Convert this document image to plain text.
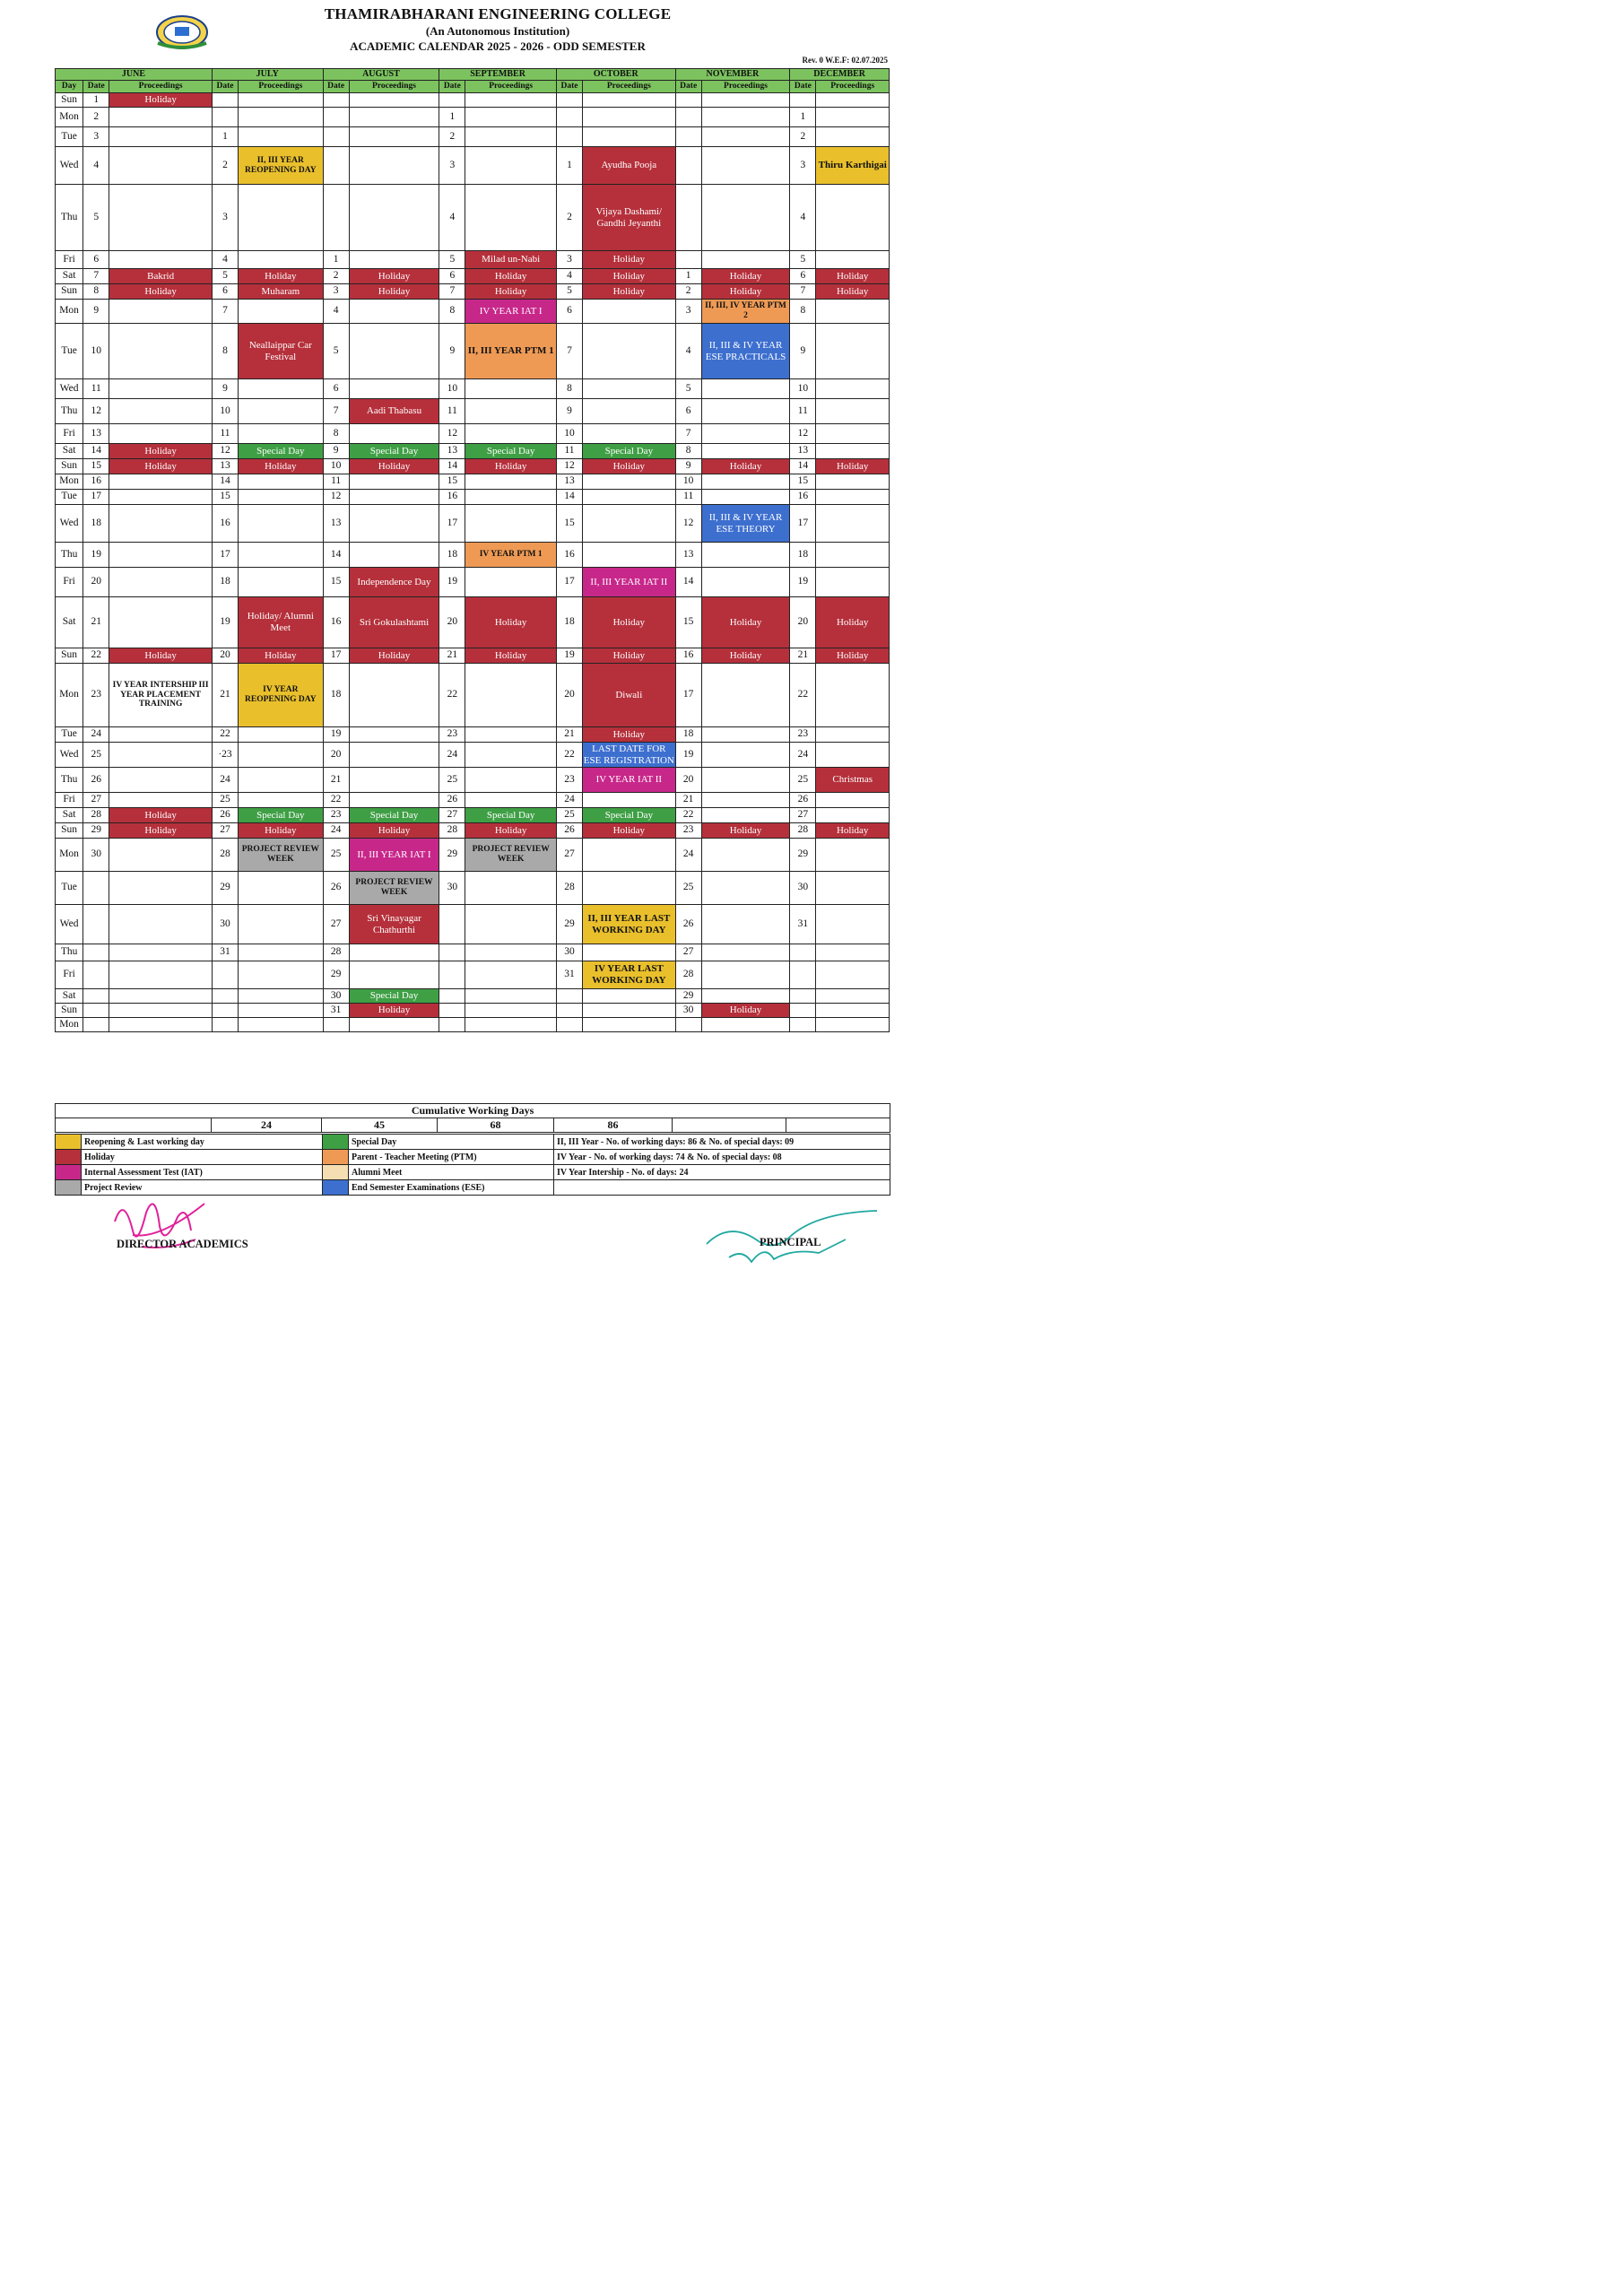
THAMIRABHARANI ENGINEERING COLLEGE
(An Autonomous Institution)
ACADEMIC CALENDAR 2025 - 2026 - ODD SEMESTER
Rev. 0 W.E.F: 02.07.2025
JUNE			JULY		AUGUST		SEPTEMBER		OCTOBER		NOVEMBER		DECEMBER	
Day	Date	Proceedings	Date	Proceedings	Date	Proceedings	Date	Proceedings	Date	Proceedings	Date	Proceedings	Date	Proceedings
Sun	1	Holiday												
Mon	2						1						1	
Tue	3		1				2						2	
Wed	4		2	II, III YEAR REOPENING DAY			3		1	Ayudha Pooja			3	Thiru Karthigai
Thu	5		3				4		2	Vijaya Dashami/ Gandhi Jeyanthi			4	
Fri	6		4		1		5	Milad un-Nabi	3	Holiday			5	
Sat	7	Bakrid	5	Holiday	2	Holiday	6	Holiday	4	Holiday	1	Holiday	6	Holiday
Sun	8	Holiday	6	Muharam	3	Holiday	7	Holiday	5	Holiday	2	Holiday	7	Holiday
Mon	9		7		4		8	IV YEAR IAT I	6		3	II, III, IV YEAR PTM 2	8	
Tue	10		8	Neallaippar Car Festival	5		9	II, III YEAR PTM 1	7		4	II, III & IV YEAR ESE PRACTICALS	9	
Wed	11		9		6		10		8		5		10	
Thu	12		10		7	Aadi Thabasu	11		9		6		11	
Fri	13		11		8		12		10		7		12	
Sat	14	Holiday	12	Special Day	9	Special Day	13	Special Day	11	Special Day	8		13	
Sun	15	Holiday	13	Holiday	10	Holiday	14	Holiday	12	Holiday	9	Holiday	14	Holiday
Mon	16		14		11		15		13		10		15	
Tue	17		15		12		16		14		11		16	
Wed	18		16		13		17		15		12	II, III & IV YEAR ESE THEORY	17	
Thu	19		17		14		18	IV YEAR PTM 1	16		13		18	
Fri	20		18		15	Independence Day	19		17	II, III YEAR IAT II	14		19	
Sat	21		19	Holiday/ Alumni Meet	16	Sri Gokulashtami	20	Holiday	18	Holiday	15	Holiday	20	Holiday
Sun	22	Holiday	20	Holiday	17	Holiday	21	Holiday	19	Holiday	16	Holiday	21	Holiday
Mon	23	IV YEAR INTERSHIP III YEAR PLACEMENT TRAINING	21	IV YEAR REOPENING DAY	18		22		20	Diwali	17		22	
Tue	24		22		19		23		21	Holiday	18		23	
Wed	25		·23		20		24		22	LAST DATE FOR ESE REGISTRATION	19		24	
Thu	26		24		21		25		23	IV YEAR IAT II	20		25	Christmas
Fri	27		25		22		26		24		21		26	
Sat	28	Holiday	26	Special Day	23	Special Day	27	Special Day	25	Special Day	22		27	
Sun	29	Holiday	27	Holiday	24	Holiday	28	Holiday	26	Holiday	23	Holiday	28	Holiday
Mon	30		28	PROJECT REVIEW WEEK	25	II, III YEAR IAT I	29	PROJECT REVIEW WEEK	27		24		29	
Tue			29		26	PROJECT REVIEW WEEK	30		28		25		30	
Wed			30		27	Sri Vinayagar Chathurthi			29	II, III YEAR LAST WORKING DAY	26		31	
Thu			31		28				30		27			
Fri					29				31	IV YEAR LAST WORKING DAY	28			
Sat					30	Special Day					29			
Sun					31	Holiday					30	Holiday		
Mon														
Cumulative Working Days
	24	45	68	86		
	Reopening & Last working day		Special Day	II, III Year - No. of working days: 86 & No. of special days: 09
	Holiday		Parent - Teacher Meeting (PTM)	IV Year - No. of working days: 74 & No. of special days: 08
	Internal Assessment Test (IAT)		Alumni Meet	IV Year Intership - No. of days: 24
	Project Review		End Semester Examinations (ESE)	
DIRECTOR ACADEMICS	PRINCIPAL
